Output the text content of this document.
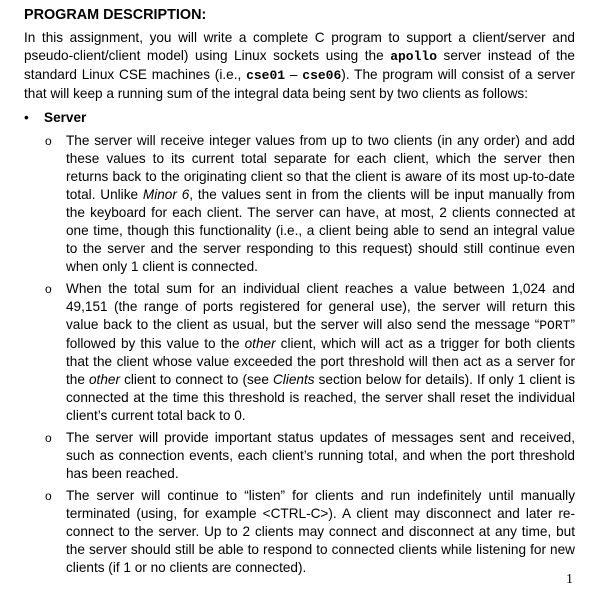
PROGRAM DESCRIPTION:

In this assignment, you will write a complete C program to support a client/server and pseudo-client/client model) using Linux sockets using the apollo server instead of the standard Linux CSE machines (i.e., cse01 – cse06). The program will consist of a server that will keep a running sum of the integral data being sent by two clients as follows:

•	Server
o	The server will receive integer values from up to two clients (in any order) and add these values to its current total separate for each client, which the server then returns back to the originating client so that the client is aware of its most up-to-date total. Unlike Minor 6, the values sent in from the clients will be input manually from the keyboard for each client. The server can have, at most, 2 clients connected at one time, though this functionality (i.e., a client being able to send an integral value to the server and the server responding to this request) should still continue even when only 1 client is connected.
o	When the total sum for an individual client reaches a value between 1,024 and 49,151 (the range of ports registered for general use), the server will return this value back to the client as usual, but the server will also send the message “PORT” followed by this value to the other client, which will act as a trigger for both clients that the client whose value exceeded the port threshold will then act as a server for the other client to connect to (see Clients section below for details). If only 1 client is connected at the time this threshold is reached, the server shall reset the individual client’s current total back to 0.
o	The server will provide important status updates of messages sent and received, such as connection events, each client’s running total, and when the port threshold has been reached.
o	The server will continue to “listen” for clients and run indefinitely until manually terminated (using, for example <CTRL-C>). A client may disconnect and later re-connect to the server. Up to 2 clients may connect and disconnect at any time, but the server should still be able to respond to connected clients while listening for new clients (if 1 or no clients are connected).
1
